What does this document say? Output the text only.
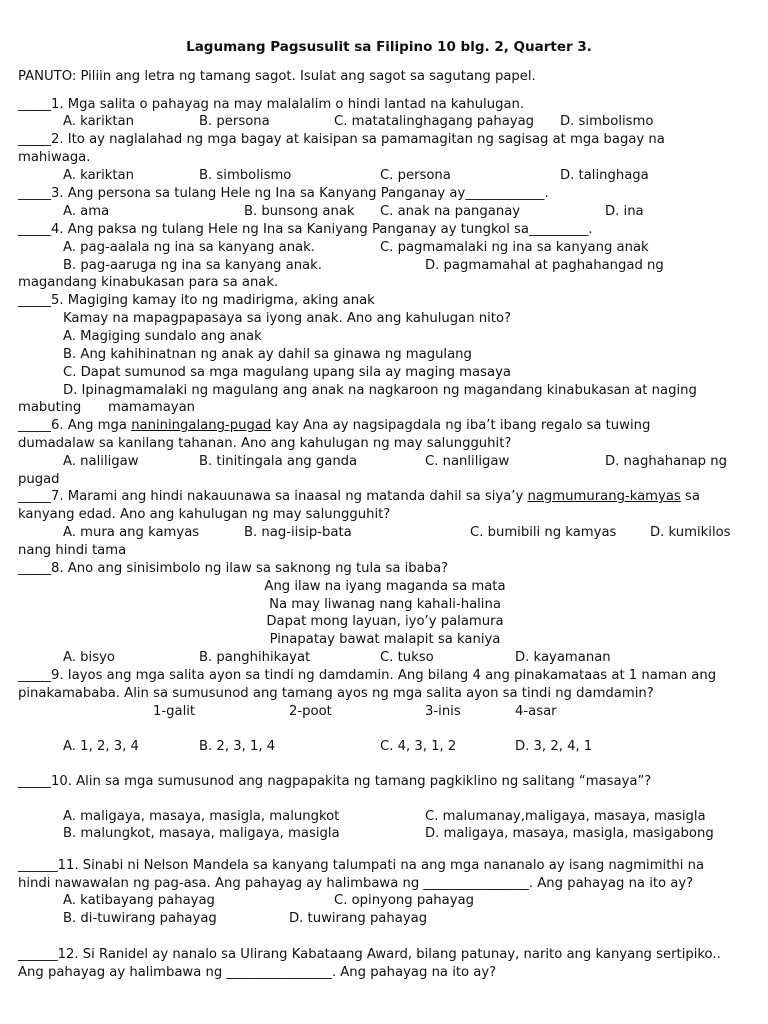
Lagumang Pagsusulit sa Filipino 10 blg. 2, Quarter 3.
PANUTO: Piliin ang letra ng tamang sagot. Isulat ang sagot sa sagutang papel.
_____1. Mga salita o pahayag na may malalalim o hindi lantad na kahulugan.
A. kariktan	B. persona	C. matatalinghagang pahayag D. simbolismo
_____2. Ito ay naglalahad ng mga bagay at kaisipan sa pamamagitan ng sagisag at mga bagay na
mahiwaga.
A. kariktan	B. simbolismo	C. persona	D. talinghaga
_____3. Ang persona sa tulang Hele ng Ina sa Kanyang Panganay ay____________.
A. ama	B. bunsong anak C. anak na panganay	D. ina
_____4. Ang paksa ng tulang Hele ng Ina sa Kaniyang Panganay ay tungkol sa_________.
A. pag-aalala ng ina sa kanyang anak.	C. pagmamalaki ng ina sa kanyang anak
B. pag-aaruga ng ina sa kanyang anak.	D. pagmamahal at paghahangad ng
magandang kinabukasan para sa anak.
_____5. Magiging kamay ito ng madirigma, aking anak
Kamay na mapagpapasaya sa iyong anak. Ano ang kahulugan nito?
A. Magiging sundalo ang anak
B. Ang kahihinatnan ng anak ay dahil sa ginawa ng magulang
C. Dapat sumunod sa mga magulang upang sila ay maging masaya
D. Ipinagmamalaki ng magulang ang anak na nagkaroon ng magandang kinabukasan at naging
mabuting mamamayan
_____6. Ang mga naniningalang-pugad kay Ana ay nagsipagdala ng iba’t ibang regalo sa tuwing
dumadalaw sa kanilang tahanan. Ano ang kahulugan ng may salungguhit?
A. naliligaw	B. tinitingala ang ganda	C. nanliligaw	D. naghahanap ng
pugad
_____7. Marami ang hindi nakauunawa sa inaasal ng matanda dahil sa siya’y nagmumurang-kamyas sa
kanyang edad. Ano ang kahulugan ng may salungguhit?
A. mura ang kamyas	B. nag-iisip-bata	C. bumibili ng kamyas	D. kumikilos
nang hindi tama
_____8. Ano ang sinisimbolo ng ilaw sa saknong ng tula sa ibaba?
Ang ilaw na iyang maganda sa mata
Na may liwanag nang kahali-halina
Dapat mong layuan, iyo’y palamura
Pinapatay bawat malapit sa kaniya
A. bisyo	B. panghihikayat	C. tukso	D. kayamanan
_____9. Iayos ang mga salita ayon sa tindi ng damdamin. Ang bilang 4 ang pinakamataas at 1 naman ang
pinakamababa. Alin sa sumusunod ang tamang ayos ng mga salita ayon sa tindi ng damdamin?
1-galit	2-poot	3-inis	4-asar
A. 1, 2, 3, 4	B. 2, 3, 1, 4	C. 4, 3, 1, 2	D. 3, 2, 4, 1
_____10. Alin sa mga sumusunod ang nagpapakita ng tamang pagkiklino ng salitang “masaya”?
A. maligaya, masaya, masigla, malungkot	C. malumanay,maligaya, masaya, masigla
B. malungkot, masaya, maligaya, masigla	D. maligaya, masaya, masigla, masigabong
______11. Sinabi ni Nelson Mandela sa kanyang talumpati na ang mga nananalo ay isang nagmimithi na
hindi nawawalan ng pag-asa. Ang pahayag ay halimbawa ng ________________. Ang pahayag na ito ay?
A. katibayang pahayag	C. opinyong pahayag
B. di-tuwirang pahayag	D. tuwirang pahayag
______12. Si Ranidel ay nanalo sa Ulirang Kabataang Award, bilang patunay, narito ang kanyang sertipiko..
Ang pahayag ay halimbawa ng ________________. Ang pahayag na ito ay?
